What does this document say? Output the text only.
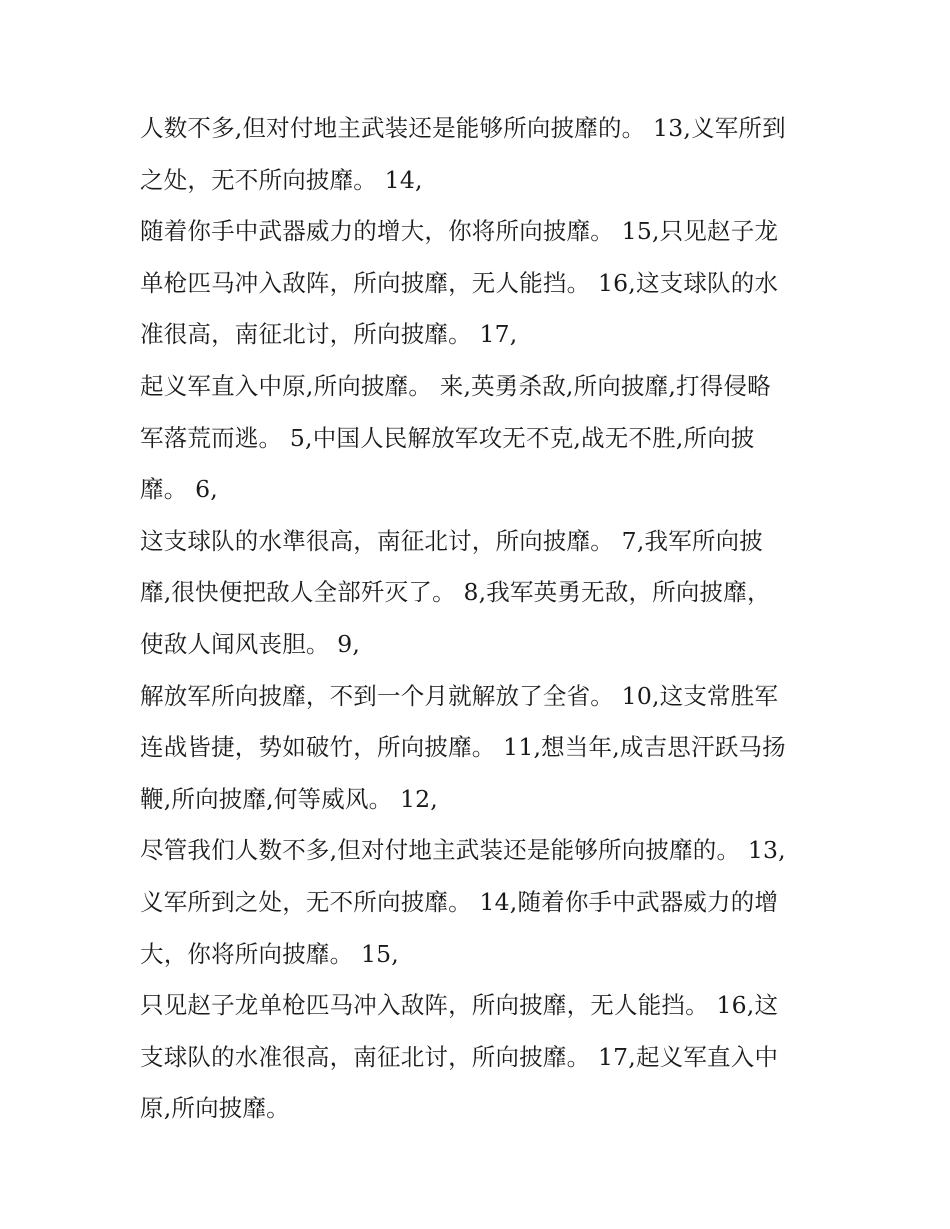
人数不多,但对付地主武装还是能够所向披靡的。 13,义军所到
之处，无不所向披靡。 14,
随着你手中武器威力的增大，你将所向披靡。 15,只见赵子龙
单枪匹马冲入敌阵，所向披靡，无人能挡。 16,这支球队的水
准很高，南征北讨，所向披靡。 17,
起义军直入中原,所向披靡。 来,英勇杀敌,所向披靡,打得侵略
军落荒而逃。 5,中国人民解放军攻无不克,战无不胜,所向披
靡。 6,
这支球队的水準很高，南征北讨，所向披靡。 7,我军所向披
靡,很快便把敌人全部歼灭了。 8,我军英勇无敌，所向披靡，
使敌人闻风丧胆。 9,
解放军所向披靡，不到一个月就解放了全省。 10,这支常胜军
连战皆捷，势如破竹，所向披靡。 11,想当年,成吉思汗跃马扬
鞭,所向披靡,何等威风。 12,
尽管我们人数不多,但对付地主武装还是能够所向披靡的。 13,
义军所到之处，无不所向披靡。 14,随着你手中武器威力的增
大，你将所向披靡。 15,
只见赵子龙单枪匹马冲入敌阵，所向披靡，无人能挡。 16,这
支球队的水准很高，南征北讨，所向披靡。 17,起义军直入中
原,所向披靡。
